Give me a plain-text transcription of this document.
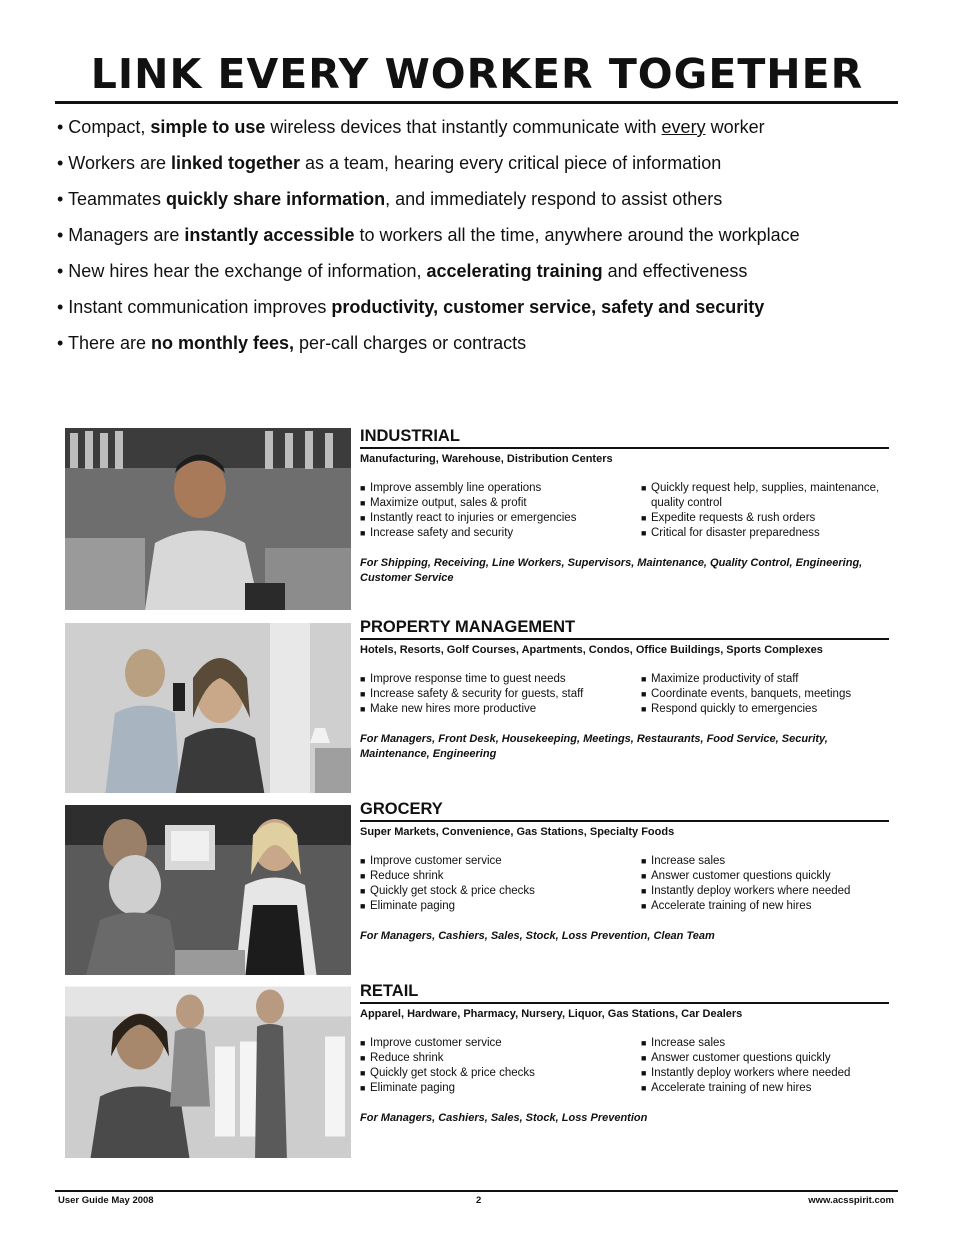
LINK EVERY WORKER TOGETHER
• Compact, simple to use wireless devices that instantly communicate with every worker
• Workers are linked together as a team, hearing every critical piece of information
• Teammates quickly share information, and immediately respond to assist others
• Managers are instantly accessible to workers all the time, anywhere around the workplace
• New hires hear the exchange of information, accelerating training and effectiveness
• Instant communication improves productivity, customer service, safety and security
• There are no monthly fees, per-call charges or contracts
INDUSTRIAL
Manufacturing, Warehouse, Distribution Centers
■ Improve assembly line operations
■ Maximize output, sales & profit
■ Instantly react to injuries or emergencies
■ Increase safety and security
■ Quickly request help, supplies, maintenance, quality control
■ Expedite requests & rush orders
■ Critical for disaster preparedness
For Shipping, Receiving, Line Workers, Supervisors, Maintenance, Quality Control, Engineering, Customer Service
PROPERTY MANAGEMENT
Hotels, Resorts, Golf Courses, Apartments, Condos, Office Buildings, Sports Complexes
■ Improve response time to guest needs
■ Increase safety & security for guests, staff
■ Make new hires more productive
■ Maximize productivity of staff
■ Coordinate events, banquets, meetings
■ Respond quickly to emergencies
For Managers, Front Desk, Housekeeping, Meetings, Restaurants, Food Service, Security, Maintenance, Engineering
GROCERY
Super Markets, Convenience, Gas Stations, Specialty Foods
■ Improve customer service
■ Reduce shrink
■ Quickly get stock & price checks
■ Eliminate paging
■ Increase sales
■ Answer customer questions quickly
■ Instantly deploy workers where needed
■ Accelerate training of new hires
For Managers, Cashiers, Sales, Stock, Loss Prevention, Clean Team
RETAIL
Apparel, Hardware, Pharmacy, Nursery, Liquor, Gas Stations, Car Dealers
■ Improve customer service
■ Reduce shrink
■ Quickly get stock & price checks
■ Eliminate paging
■ Increase sales
■ Answer customer questions quickly
■ Instantly deploy workers where needed
■ Accelerate training of new hires
For Managers, Cashiers, Sales, Stock, Loss Prevention
User Guide May 2008	2	www.acsspirit.com
